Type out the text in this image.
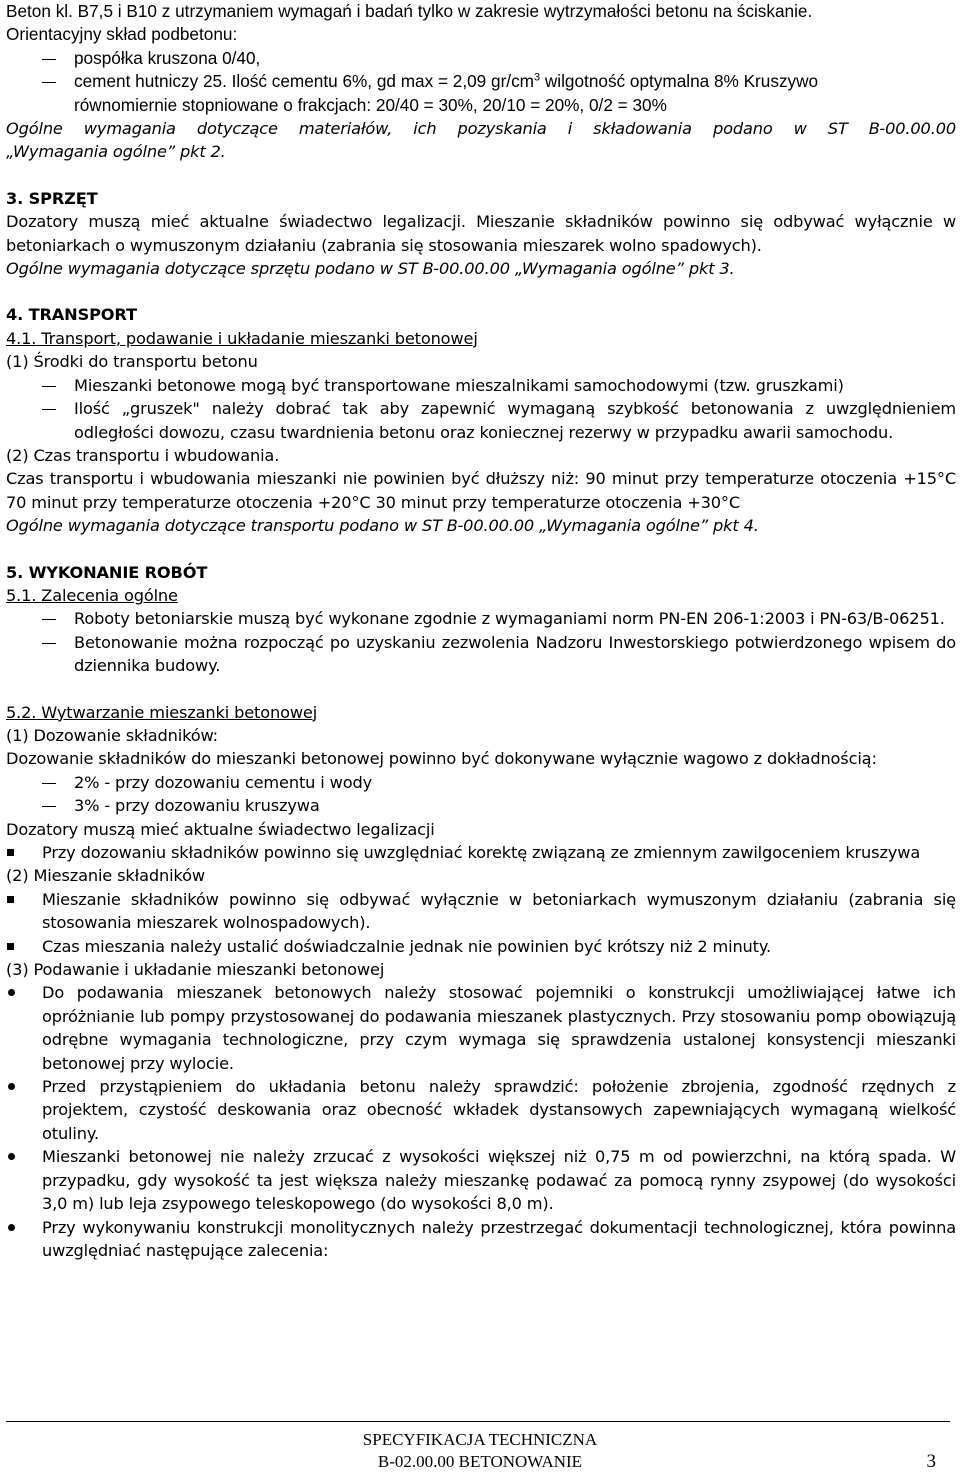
Beton kl. B7,5 i B10 z utrzymaniem wymagań i badań tylko w zakresie wytrzymałości betonu na ściskanie.

Orientacyjny skład podbetonu:

pospółka kruszona 0/40,
cement hutniczy 25. Ilość cementu 6%, gd max = 2,09 $gr/cm^3$ wilgotność optymalna 8% Kruszywo
równomiernie stopniowane o frakcjach: 20/40 = 30%, 20/10 = 20%, 0/2 = 30%

Ogólne wymagania dotyczące materiałów, ich pozyskania i składowania podano w ST B-00.00.00

„Wymagania ogólne” pkt 2.

3. SPRZĘT

Dozatory muszą mieć aktualne świadectwo legalizacji. Mieszanie składników powinno się odbywać wyłącznie w betoniarkach o wymuszonym działaniu (zabrania się stosowania mieszarek wolno spadowych).

Ogólne wymagania dotyczące sprzętu podano w ST B-00.00.00 „Wymagania ogólne” pkt 3.

4. TRANSPORT

4.1. Transport, podawanie i układanie mieszanki betonowej

(1) Środki do transportu betonu

Mieszanki betonowe mogą być transportowane mieszalnikami samochodowymi (tzw. gruszkami)
Ilość „gruszek" należy dobrać tak aby zapewnić wymaganą szybkość betonowania z uwzględnieniem odległości dowozu, czasu twardnienia betonu oraz koniecznej rezerwy w przypadku awarii samochodu.

(2) Czas transportu i wbudowania.

Czas transportu i wbudowania mieszanki nie powinien być dłuższy niż: 90 minut przy temperaturze otoczenia +15°C 70 minut przy temperaturze otoczenia +20°C 30 minut przy temperaturze otoczenia +30°C

Ogólne wymagania dotyczące transportu podano w ST B-00.00.00 „Wymagania ogólne” pkt 4.

5. WYKONANIE ROBÓT

5.1. Zalecenia ogólne

Roboty betoniarskie muszą być wykonane zgodnie z wymaganiami norm PN-EN 206-1:2003 i PN-63/B-06251.
Betonowanie można rozpocząć po uzyskaniu zezwolenia Nadzoru Inwestorskiego potwierdzonego wpisem do dziennika budowy.

5.2. Wytwarzanie mieszanki betonowej

(1) Dozowanie składników:

Dozowanie składników do mieszanki betonowej powinno być dokonywane wyłącznie wagowo z dokładnością:

2% - przy dozowaniu cementu i wody
3% - przy dozowaniu kruszywa

Dozatory muszą mieć aktualne świadectwo legalizacji

Przy dozowaniu składników powinno się uwzględniać korektę związaną ze zmiennym zawilgoceniem kruszywa

(2) Mieszanie składników

Mieszanie składników powinno się odbywać wyłącznie w betoniarkach wymuszonym działaniu (zabrania się stosowania mieszarek wolnospadowych).
Czas mieszania należy ustalić doświadczalnie jednak nie powinien być krótszy niż 2 minuty.

(3) Podawanie i układanie mieszanki betonowej

Do podawania mieszanek betonowych należy stosować pojemniki o konstrukcji umożliwiającej łatwe ich opróżnianie lub pompy przystosowanej do podawania mieszanek plastycznych. Przy stosowaniu pomp obowiązują odrębne wymagania technologiczne, przy czym wymaga się sprawdzenia ustalonej konsystencji mieszanki betonowej przy wylocie.
Przed przystąpieniem do układania betonu należy sprawdzić: położenie zbrojenia, zgodność rzędnych z projektem, czystość deskowania oraz obecność wkładek dystansowych zapewniających wymaganą wielkość otuliny.
Mieszanki betonowej nie należy zrzucać z wysokości większej niż 0,75 m od powierzchni, na którą spada. W przypadku, gdy wysokość ta jest większa należy mieszankę podawać za pomocą rynny zsypowej (do wysokości 3,0 m) lub leja zsypowego teleskopowego (do wysokości 8,0 m).
Przy wykonywaniu konstrukcji monolitycznych należy przestrzegać dokumentacji technologicznej, która powinna uwzględniać następujące zalecenia:
SPECYFIKACJA TECHNICZNA
B-02.00.00 BETONOWANIE	3
